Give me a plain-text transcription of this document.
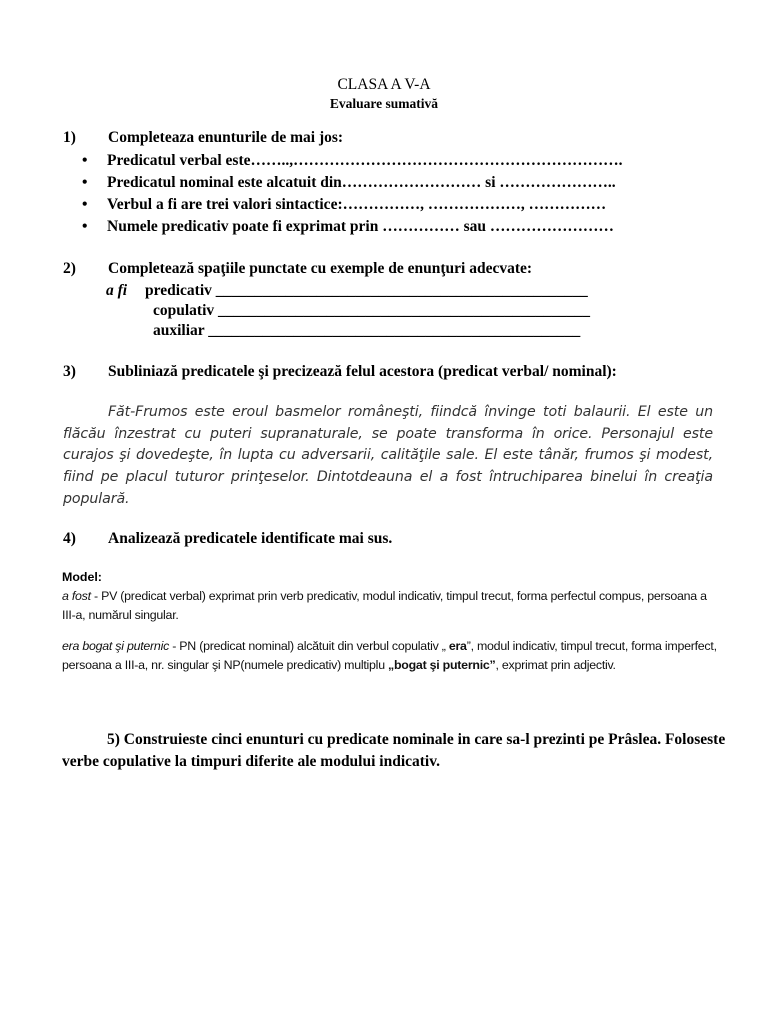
CLASA A V-A
Evaluare sumativă
1) Completeaza enunturile de mai jos:
• Predicatul verbal este……..,……………………………………………………….
• Predicatul nominal este alcatuit din……………………… si …………………..
• Verbul a fi are trei valori sintactice:……………, ………………, ……………
• Numele predicativ poate fi exprimat prin …………… sau ……………………
2) Completează spaţiile punctate cu exemple de enunţuri adecvate:
a fi predicativ ________________________________________________
copulativ ________________________________________________
auxiliar ________________________________________________
3) Subliniază predicatele şi precizează felul acestora (predicat verbal/ nominal):
Făt-Frumos este eroul basmelor româneşti, fiindcă învinge toti balaurii. El este un flăcău înzestrat cu puteri supranaturale, se poate transforma în orice. Personajul este curajos şi dovedeşte, în lupta cu adversarii, calităţile sale. El este tânăr, frumos şi modest, fiind pe placul tuturor prinţeselor. Dintotdeauna el a fost întruchiparea binelui în creaţia populară.
4) Analizează predicatele identificate mai sus.
Model:
a fost - PV (predicat verbal) exprimat prin verb predicativ, modul indicativ, timpul trecut, forma perfectul compus, persoana a III-a, numărul singular.
era bogat şi puternic - PN (predicat nominal) alcătuit din verbul copulativ „ era”, modul indicativ, timpul trecut, forma imperfect, persoana a III-a, nr. singular şi NP(numele predicativ) multiplu „bogat şi puternic”, exprimat prin adjectiv.
5) Construieste cinci enunturi cu predicate nominale in care sa-l prezinti pe Prâslea. Foloseste verbe copulative la timpuri diferite ale modului indicativ.
